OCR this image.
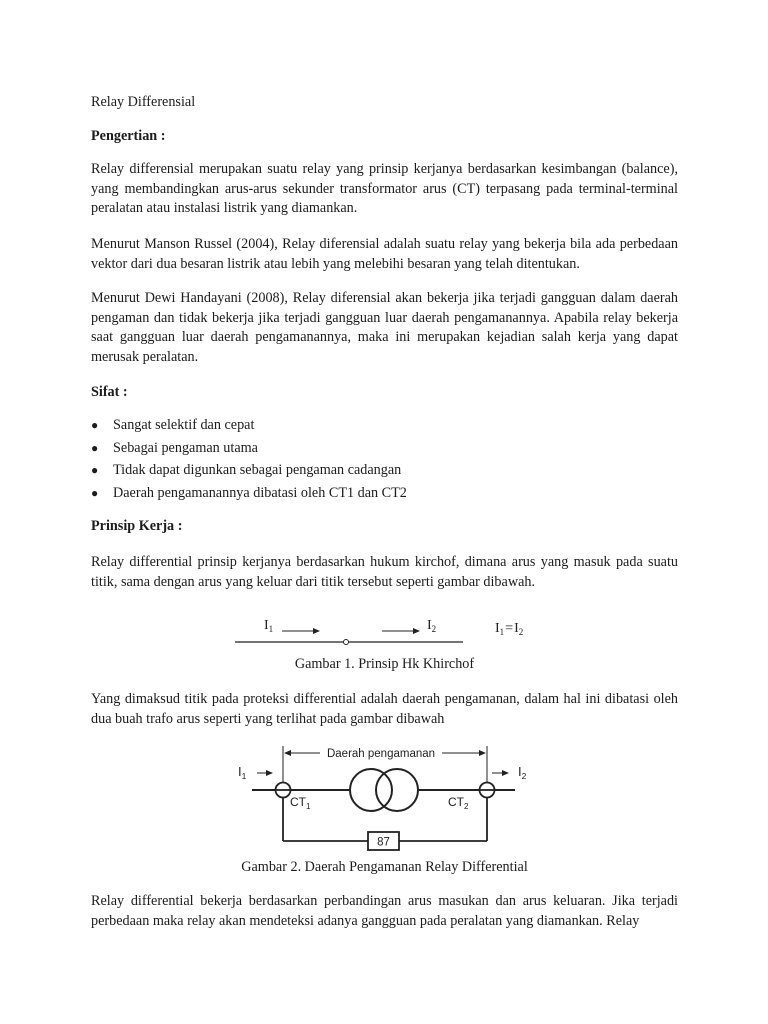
Relay Differensial

Pengertian :

Relay differensial merupakan suatu relay yang prinsip kerjanya berdasarkan kesimbangan (balance), yang membandingkan arus-arus sekunder transformator arus (CT) terpasang pada terminal-terminal peralatan atau instalasi listrik yang diamankan.

Menurut Manson Russel (2004), Relay diferensial adalah suatu relay yang bekerja bila ada perbedaan vektor dari dua besaran listrik atau lebih yang melebihi besaran yang telah ditentukan.

Menurut Dewi Handayani (2008), Relay diferensial akan bekerja jika terjadi gangguan dalam daerah pengaman dan tidak bekerja jika terjadi gangguan luar daerah pengamanannya. Apabila relay bekerja saat gangguan luar daerah pengamanannya, maka ini merupakan kejadian salah kerja yang dapat merusak peralatan.

Sifat :

● Sangat selektif dan cepat
● Sebagai pengaman utama
● Tidak dapat digunkan sebagai pengaman cadangan
● Daerah pengamanannya dibatasi oleh CT1 dan CT2

Prinsip Kerja :

Relay differential prinsip kerjanya berdasarkan hukum kirchof, dimana arus yang masuk pada suatu titik, sama dengan arus yang keluar dari titik tersebut seperti gambar dibawah.

$I_1$	$I_2$	$I_1=I_2$

Gambar 1. Prinsip Hk Khirchof

Yang dimaksud titik pada proteksi differential adalah daerah pengamanan, dalam hal ini dibatasi oleh dua buah trafo arus seperti yang terlihat pada gambar dibawah

Daerah pengamanan
$I_1$	$I_2$
$CT_1$	$CT_2$
87

Gambar 2. Daerah Pengamanan Relay Differential

Relay differential bekerja berdasarkan perbandingan arus masukan dan arus keluaran. Jika terjadi perbedaan maka relay akan mendeteksi adanya gangguan pada peralatan yang diamankan. Relay
